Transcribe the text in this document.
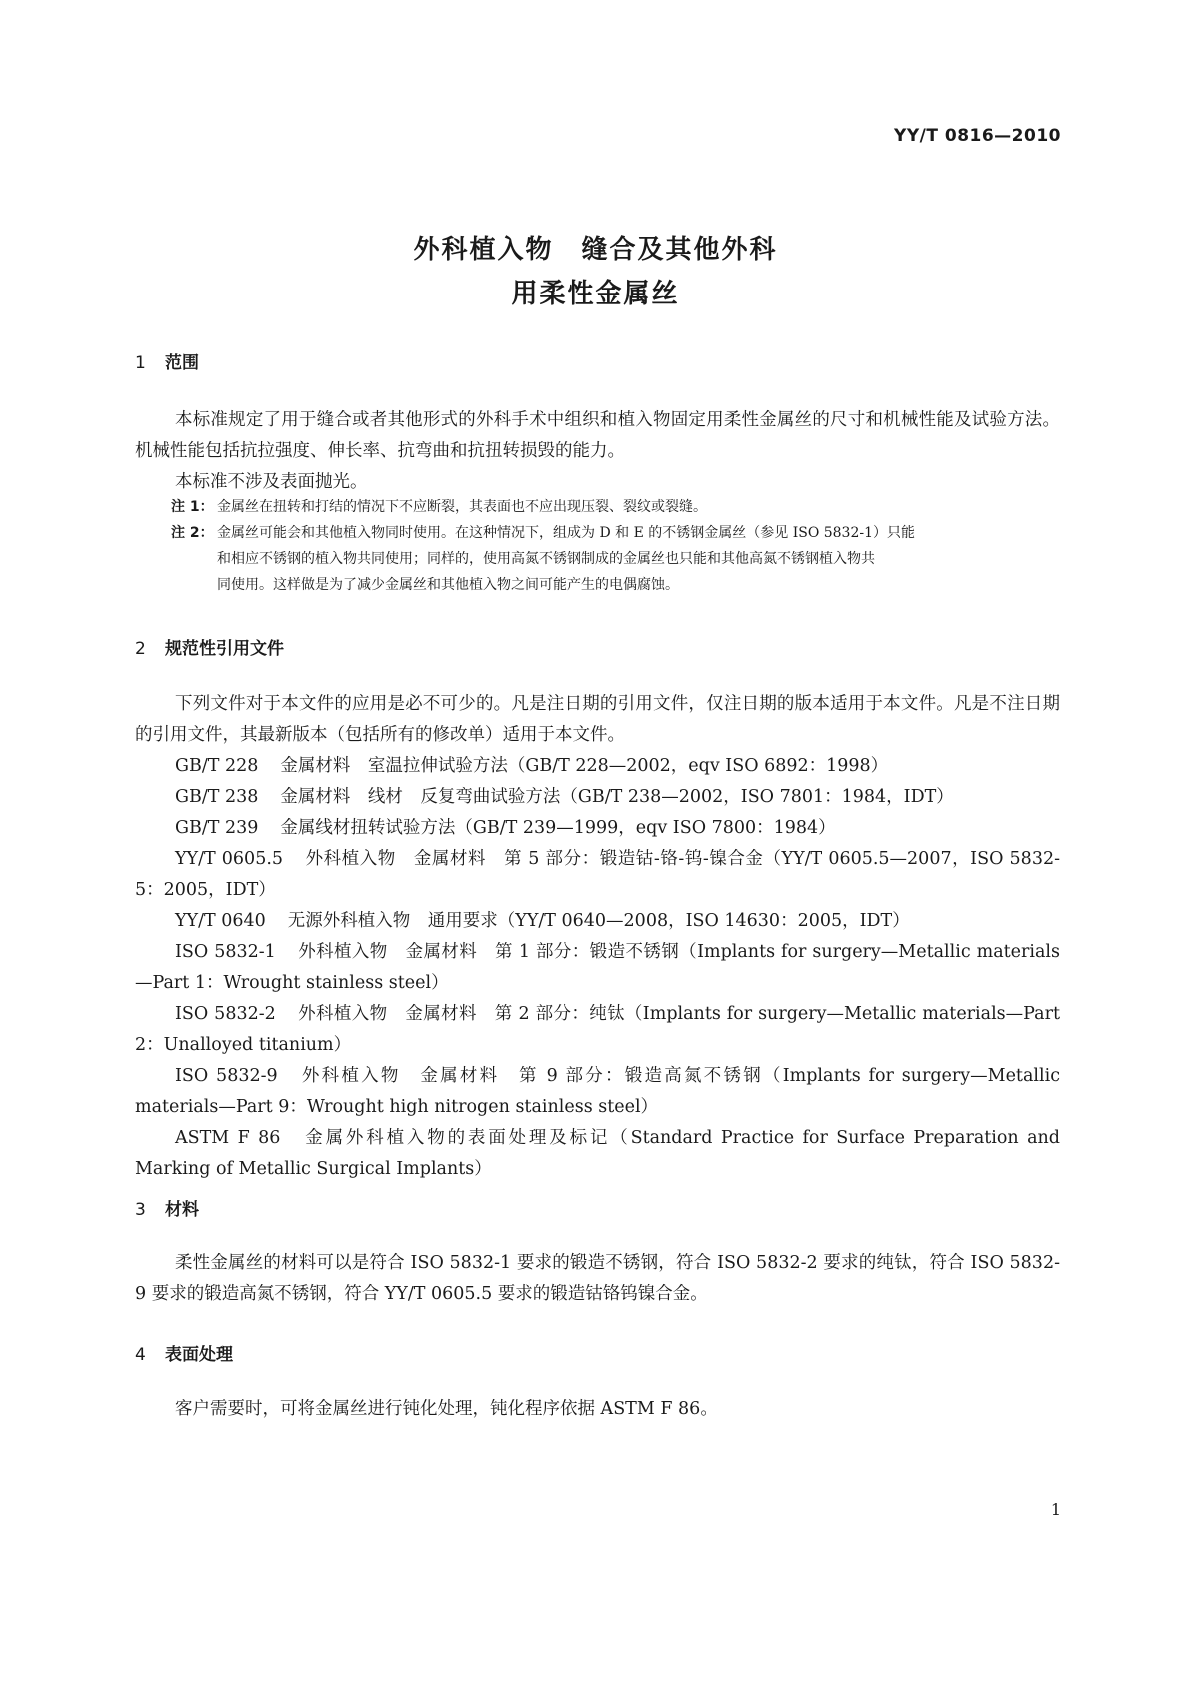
YY/T 0816—2010
外科植入物　缝合及其他外科
用柔性金属丝
1 范围

本标准规定了用于缝合或者其他形式的外科手术中组织和植入物固定用柔性金属丝的尺寸和机械性能及试验方法。机械性能包括抗拉强度、伸长率、抗弯曲和抗扭转损毁的能力。

本标准不涉及表面抛光。

注 1： 金属丝在扭转和打结的情况下不应断裂，其表面也不应出现压裂、裂纹或裂缝。
注 2： 金属丝可能会和其他植入物同时使用。在这种情况下，组成为 D 和 E 的不锈钢金属丝（参见 ISO 5832-1）只能
和相应不锈钢的植入物共同使用；同样的，使用高氮不锈钢制成的金属丝也只能和其他高氮不锈钢植入物共
同使用。这样做是为了减少金属丝和其他植入物之间可能产生的电偶腐蚀。
2 规范性引用文件

下列文件对于本文件的应用是必不可少的。凡是注日期的引用文件，仅注日期的版本适用于本文件。凡是不注日期的引用文件，其最新版本（包括所有的修改单）适用于本文件。

GB/T 228 金属材料　室温拉伸试验方法（GB/T 228—2002，eqv ISO 6892：1998）

GB/T 238 金属材料　线材　反复弯曲试验方法（GB/T 238—2002，ISO 7801：1984，IDT）

GB/T 239 金属线材扭转试验方法（GB/T 239—1999，eqv ISO 7800：1984）

YY/T 0605.5 外科植入物　金属材料　第 5 部分：锻造钴-铬-钨-镍合金（YY/T 0605.5—2007，ISO 5832-5：2005，IDT）

YY/T 0640 无源外科植入物　通用要求（YY/T 0640—2008，ISO 14630：2005，IDT）

ISO 5832-1 外科植入物　金属材料　第 1 部分：锻造不锈钢（Implants for surgery—Metallic materials—Part 1：Wrought stainless steel）

ISO 5832-2 外科植入物　金属材料　第 2 部分：纯钛（Implants for surgery—Metallic materials—Part 2：Unalloyed titanium）

ISO 5832-9 外科植入物　金属材料　第 9 部分：锻造高氮不锈钢（Implants for surgery—Metallic materials—Part 9：Wrought high nitrogen stainless steel）

ASTM F 86 金属外科植入物的表面处理及标记（Standard Practice for Surface Preparation and Marking of Metallic Surgical Implants）

3 材料

柔性金属丝的材料可以是符合 ISO 5832-1 要求的锻造不锈钢，符合 ISO 5832-2 要求的纯钛，符合 ISO 5832-9 要求的锻造高氮不锈钢，符合 YY/T 0605.5 要求的锻造钴铬钨镍合金。

4 表面处理

客户需要时，可将金属丝进行钝化处理，钝化程序依据 ASTM F 86。

1
